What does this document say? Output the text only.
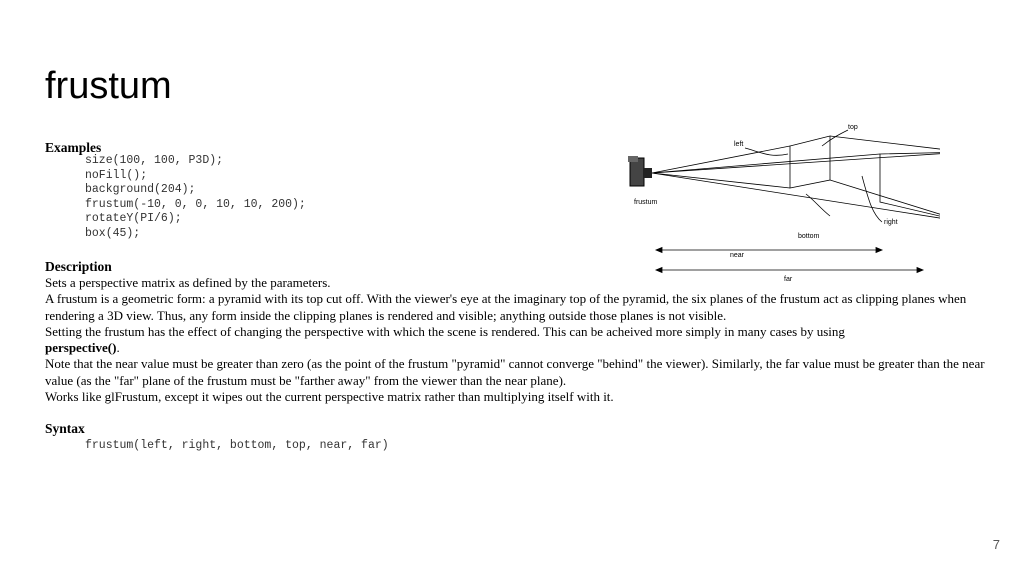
frustum
Examples
size(100, 100, P3D);
noFill();
background(204);
frustum(-10, 0, 0, 10, 10, 200);
rotateY(PI/6);
box(45);
Description
Sets a perspective matrix as defined by the parameters.
A frustum is a geometric form: a pyramid with its top cut off. With the viewer's eye at the imaginary top of the pyramid, the six planes of the frustum act as clipping planes when rendering a 3D view. Thus, any form inside the clipping planes is rendered and visible; anything outside those planes is not visible.
Setting the frustum has the effect of changing the perspective with which the scene is rendered. This can be acheived more simply in many cases by using
perspective().
Note that the near value must be greater than zero (as the point of the frustum "pyramid" cannot converge "behind" the viewer). Similarly, the far value must be greater than the near value (as the "far" plane of the frustum must be "farther away" from the viewer than the near plane).
Works like glFrustum, except it wipes out the current perspective matrix rather than multiplying itself with it.
Syntax
frustum(left, right, bottom, top, near, far)
top
left
frustum
right
bottom
near
far
7
